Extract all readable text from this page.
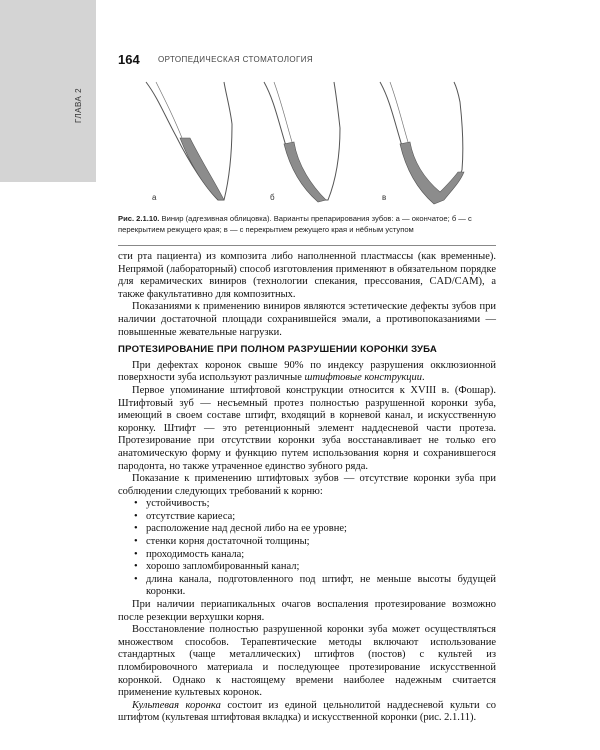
ГЛАВА 2
164 ОРТОПЕДИЧЕСКАЯ СТОМАТОЛОГИЯ
а	б	в
Рис. 2.1.10. Винир (адгезивная облицовка). Варианты препарирования зубов: а — окончатое; б — с перекрытием режущего края; в — с перекрытием режущего края и нёбным уступом

сти рта пациента) из композита либо наполненной пластмассы (как временные). Непрямой (лабораторный) способ изготовления применяют в обязательном порядке для керамических виниров (технологии спекания, прессования, CAD/CAM), а также факультативно для композитных.

Показаниями к применению виниров являются эстетические дефекты зубов при наличии достаточной площади сохранившейся эмали, а противопоказаниями — повышенные жевательные нагрузки.

ПРОТЕЗИРОВАНИЕ ПРИ ПОЛНОМ РАЗРУШЕНИИ КОРОНКИ ЗУБА

При дефектах коронок свыше 90% по индексу разрушения окклюзионной поверхности зуба используют различные штифтовые конструкции.

Первое упоминание штифтовой конструкции относится к XVIII в. (Фошар). Штифтовый зуб — несъемный протез полностью разрушенной коронки зуба, имеющий в своем составе штифт, входящий в корневой канал, и искусственную коронку. Штифт — это ретенционный элемент наддесневой части протеза. Протезирование при отсутствии коронки зуба восстанавливает не только его анатомическую форму и функцию путем использования корня и сохранившегося пародонта, но также утраченное единство зубного ряда.

Показание к применению штифтовых зубов — отсутствие коронки зуба при соблюдении следующих требований к корню:

• устойчивость;
• отсутствие кариеса;
• расположение над десной либо на ее уровне;
• стенки корня достаточной толщины;
• проходимость канала;
• хорошо запломбированный канал;
• длина канала, подготовленного под штифт, не меньше высоты будущей коронки.

При наличии периапикальных очагов воспаления протезирование возможно после резекции верхушки корня.

Восстановление полностью разрушенной коронки зуба может осуществляться множеством способов. Терапевтические методы включают использование стандартных (чаще металлических) штифтов (постов) с культей из пломбировочного материала и последующее протезирование искусственной коронкой. Однако к настоящему времени наиболее надежным считается применение культевых коронок.

Культевая коронка состоит из единой цельнолитой наддесневой культи со штифтом (культевая штифтовая вкладка) и искусственной коронки (рис. 2.1.11).
